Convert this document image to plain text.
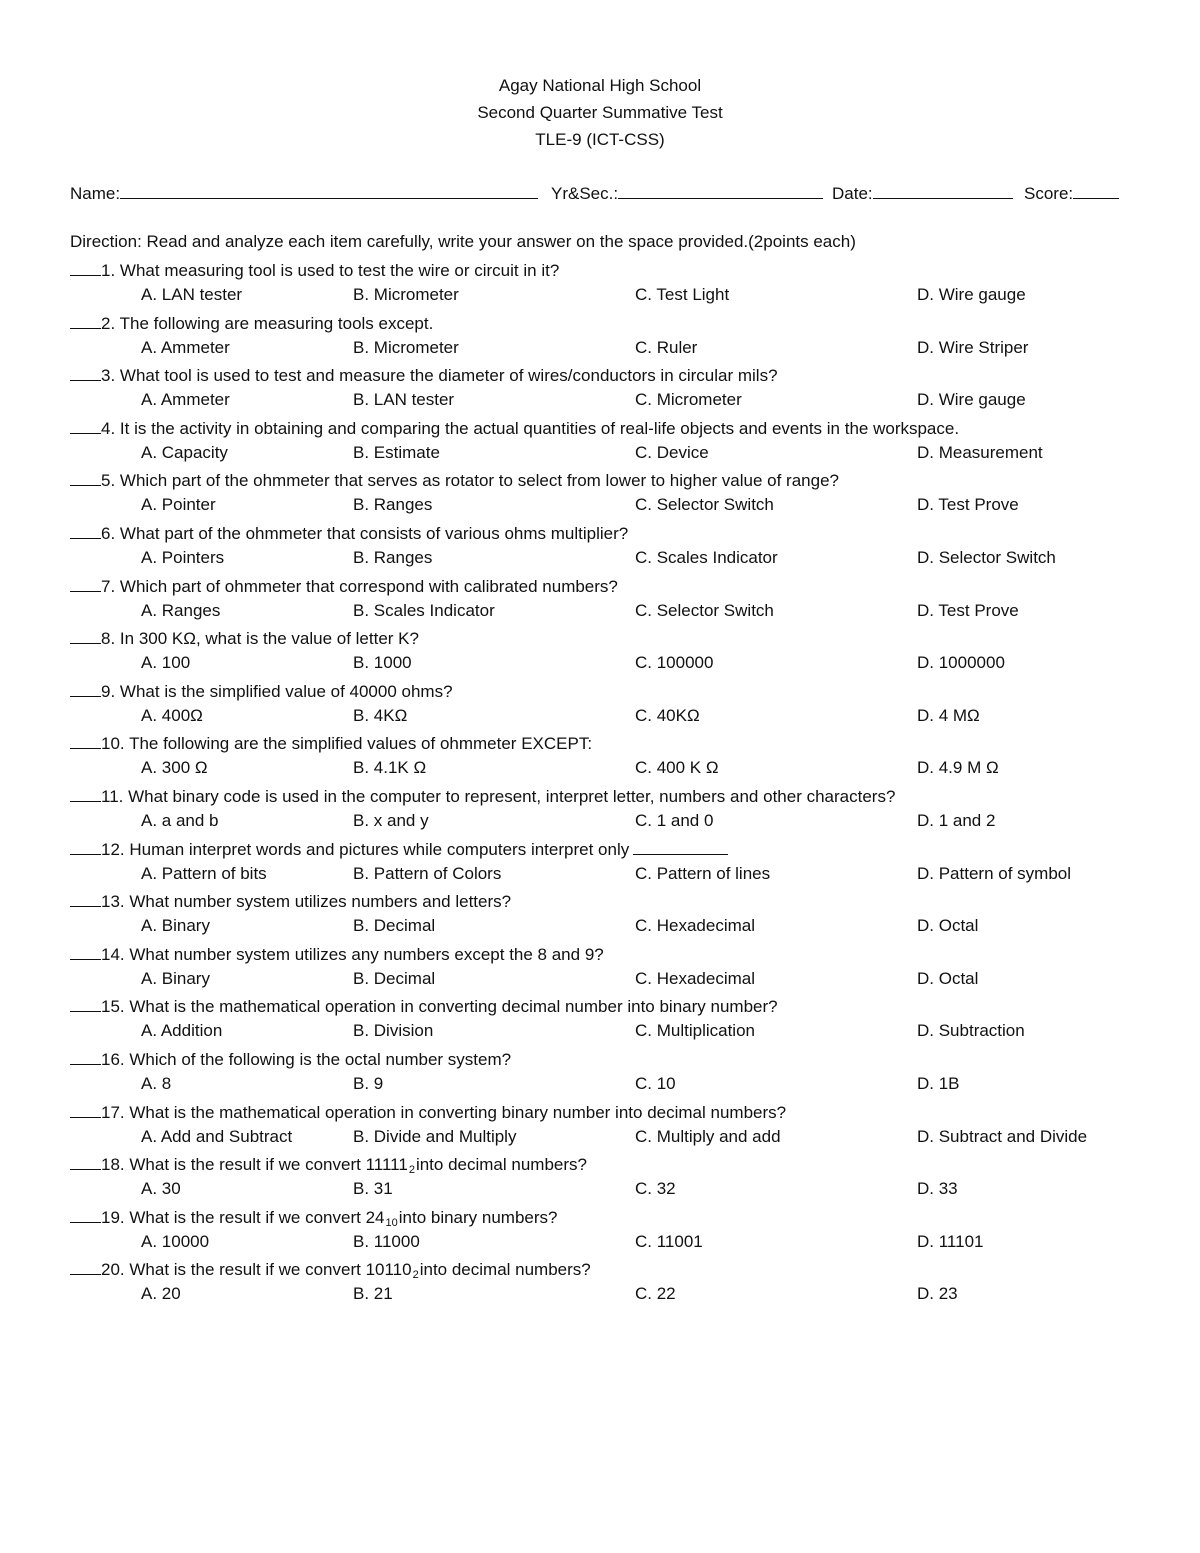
Agay National High School
Second Quarter Summative Test
TLE-9 (ICT-CSS)
Name:	Yr&Sec.:	Date:	Score:
Direction: Read and analyze each item carefully, write your answer on the space provided.(2points each)
1. What measuring tool is used to test the wire or circuit in it?
A. LAN tester	B. Micrometer	C. Test Light	D. Wire gauge
2. The following are measuring tools except.
A. Ammeter	B. Micrometer	C. Ruler	D. Wire Striper
3. What tool is used to test and measure the diameter of wires/conductors in circular mils?
A. Ammeter	B. LAN tester	C. Micrometer	D. Wire gauge
4. It is the activity in obtaining and comparing the actual quantities of real-life objects and events in the workspace.
A. Capacity	B. Estimate	C. Device	D. Measurement
5. Which part of the ohmmeter that serves as rotator to select from lower to higher value of range?
A. Pointer	B. Ranges	C. Selector Switch	D. Test Prove
6. What part of the ohmmeter that consists of various ohms multiplier?
A. Pointers	B. Ranges	C. Scales Indicator	D. Selector Switch
7. Which part of ohmmeter that correspond with calibrated numbers?
A. Ranges	B. Scales Indicator	C. Selector Switch	D. Test Prove
8. In 300 KΩ, what is the value of letter K?
A. 100	B. 1000	C. 100000	D. 1000000
9. What is the simplified value of 40000 ohms?
A. 400Ω	B. 4KΩ	C. 40KΩ	D. 4 MΩ
10. The following are the simplified values of ohmmeter EXCEPT:
A. 300 Ω	B. 4.1K Ω	C. 400 K Ω	D. 4.9 M Ω
11. What binary code is used in the computer to represent, interpret letter, numbers and other characters?
A. a and b	B. x and y	C. 1 and 0	D. 1 and 2
12. Human interpret words and pictures while computers interpret only
A. Pattern of bits	B. Pattern of Colors	C. Pattern of lines	D. Pattern of symbol
13. What number system utilizes numbers and letters?
A. Binary	B. Decimal	C. Hexadecimal	D. Octal
14. What number system utilizes any numbers except the 8 and 9?
A. Binary	B. Decimal	C. Hexadecimal	D. Octal
15. What is the mathematical operation in converting decimal number into binary number?
A. Addition	B. Division	C. Multiplication	D. Subtraction
16. Which of the following is the octal number system?
A. 8	B. 9	C. 10	D. 1B
17. What is the mathematical operation in converting binary number into decimal numbers?
A. Add and Subtract	B. Divide and Multiply	C. Multiply and add	D. Subtract and Divide
18. What is the result if we convert $11111_2into$ decimal numbers?
A. 30	B. 31	C. 32	D. 33
19. What is the result if we convert $24_{10}into$ binary numbers?
A. 10000	B. 11000	C. 11001	D. 11101
20. What is the result if we convert $10110_2into$ decimal numbers?
A. 20	B. 21	C. 22	D. 23
